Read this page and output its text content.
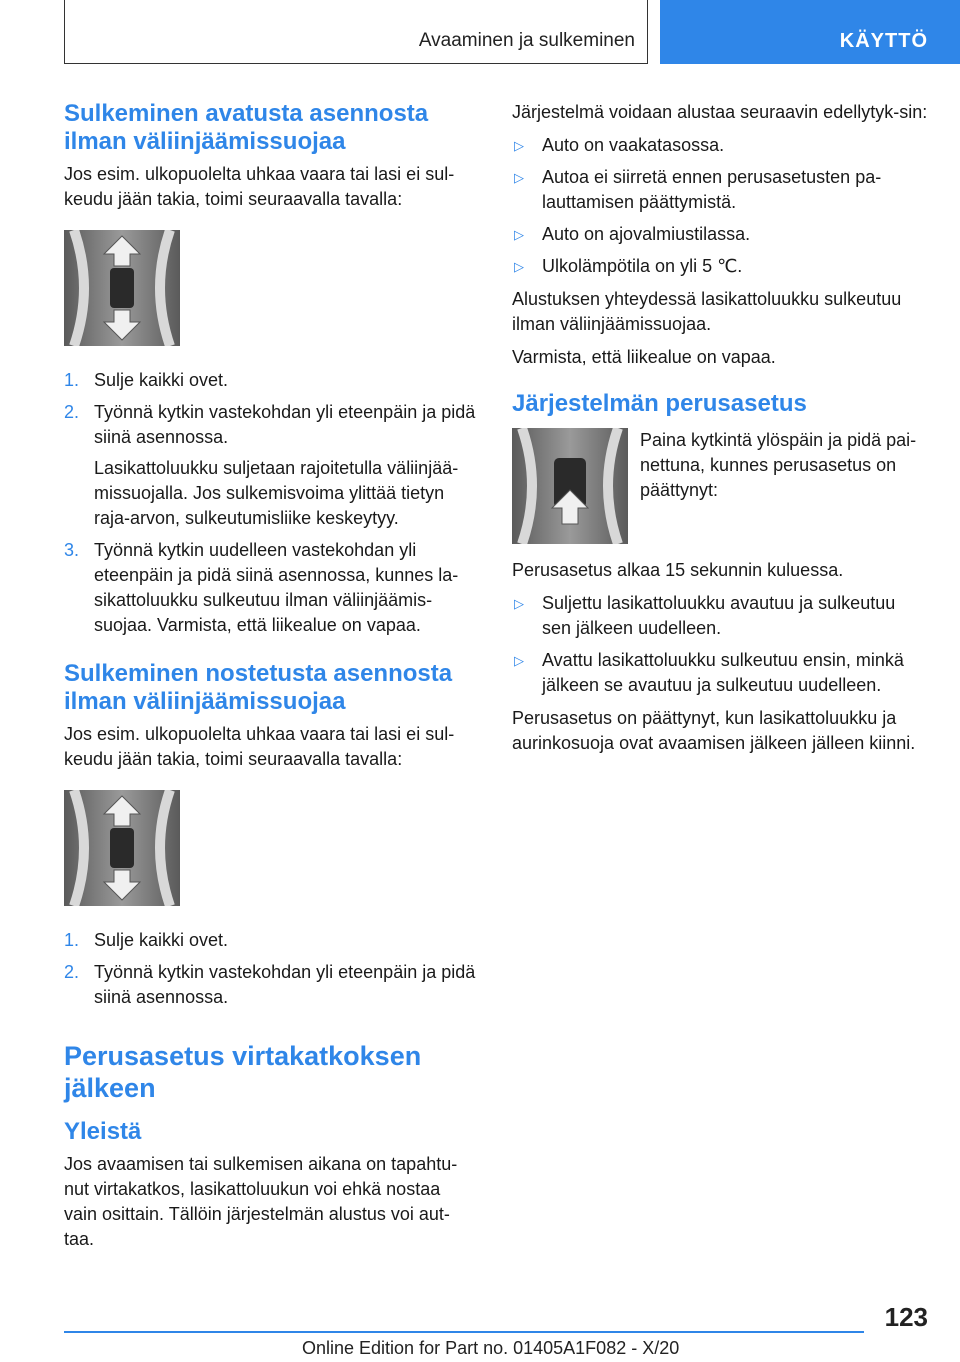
Avaaminen ja sulkeminen	KÄYTTÖ
Sulkeminen avatusta asennosta ilman väliinjäämissuojaa

Jos esim. ulkopuolelta uhkaa vaara tai lasi ei sul-keudu jään takia, toimi seuraavalla tavalla:

1. Sulje kaikki ovet.
2. Työnnä kytkin vastekohdan yli eteenpäin ja pidä siinä asennossa.
Lasikattoluukku suljetaan rajoitetulla väliinjää-missuojalla. Jos sulkemisvoima ylittää tietyn raja-arvon, sulkeutumisliike keskeytyy.
3. Työnnä kytkin uudelleen vastekohdan yli eteenpäin ja pidä siinä asennossa, kunnes la-sikattoluukku sulkeutuu ilman väliinjäämis-suojaa. Varmista, että liikealue on vapaa.
Sulkeminen nostetusta asennosta ilman väliinjäämissuojaa

Jos esim. ulkopuolelta uhkaa vaara tai lasi ei sul-keudu jään takia, toimi seuraavalla tavalla:

1. Sulje kaikki ovet.
2. Työnnä kytkin vastekohdan yli eteenpäin ja pidä siinä asennossa.
Perusasetus virtakatkoksen jälkeen
Yleistä

Jos avaamisen tai sulkemisen aikana on tapahtu-nut virtakatkos, lasikattoluukun voi ehkä nostaa vain osittain. Tällöin järjestelmän alustus voi aut-taa.

Järjestelmä voidaan alustaa seuraavin edellytyk-sin:

▷ Auto on vaakatasossa.
▷ Autoa ei siirretä ennen perusasetusten pa-lauttamisen päättymistä.
▷ Auto on ajovalmiustilassa.
▷ Ulkolämpötila on yli 5 ℃.

Alustuksen yhteydessä lasikattoluukku sulkeutuu ilman väliinjäämissuojaa.

Varmista, että liikealue on vapaa.

Järjestelmän perusasetus

Paina kytkintä ylöspäin ja pidä pai-nettuna, kunnes perusasetus on päättynyt:

Perusasetus alkaa 15 sekunnin kuluessa.

▷ Suljettu lasikattoluukku avautuu ja sulkeutuu sen jälkeen uudelleen.
▷ Avattu lasikattoluukku sulkeutuu ensin, minkä jälkeen se avautuu ja sulkeutuu uudelleen.

Perusasetus on päättynyt, kun lasikattoluukku ja aurinkosuoja ovat avaamisen jälkeen jälleen kiinni.

123
Online Edition for Part no. 01405A1F082 - X/20
